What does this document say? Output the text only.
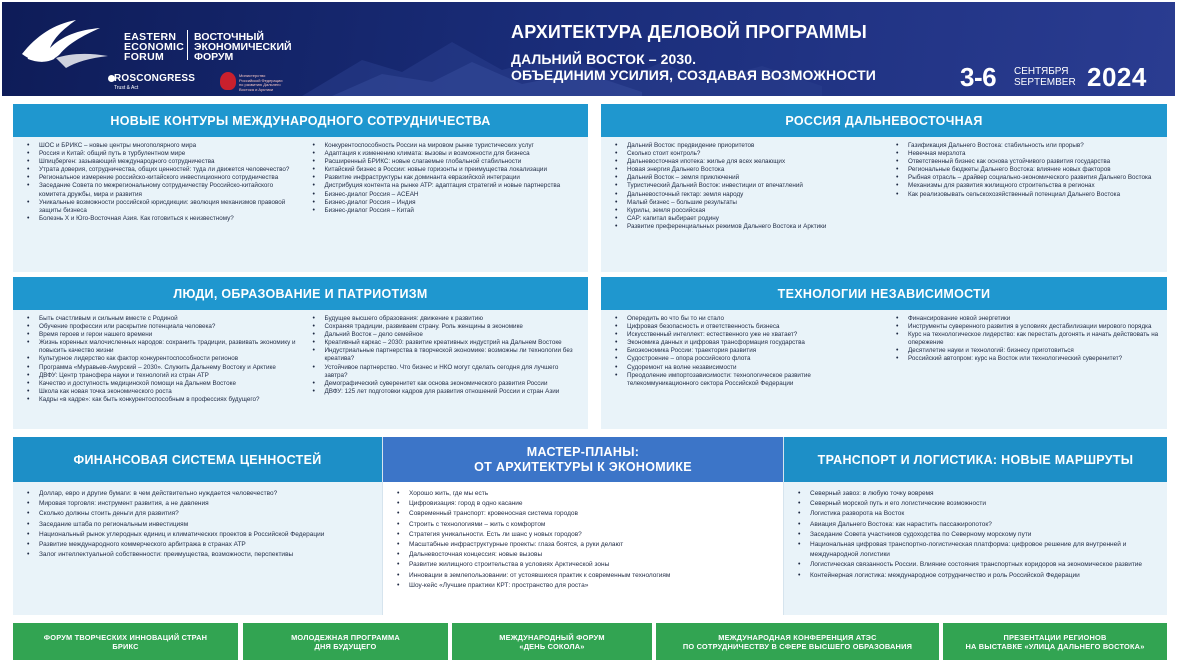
EASTERN
ECONOMIC
FORUM
ВОСТОЧНЫЙ
ЭКОНОМИЧЕСКИЙ
ФОРУМ
ROSCONGRESS
Trust & Act
Министерство Российской Федерации по развитию Дальнего Востока и Арктики
АРХИТЕКТУРА ДЕЛОВОЙ ПРОГРАММЫ
ДАЛЬНИЙ ВОСТОК – 2030.
ОБЪЕДИНИМ УСИЛИЯ, СОЗДАВАЯ ВОЗМОЖНОСТИ	3-6 СЕНТЯБРЯ
SEPTEMBER 2024
НОВЫЕ КОНТУРЫ МЕЖДУНАРОДНОГО СОТРУДНИЧЕСТВА
• ШОС и БРИКС – новые центры многополярного мира
• Россия и Китай: общий путь в турбулентном мире
• Шпицберген: зазывающий международного сотрудничества
• Утрата доверия, сотрудничества, общих ценностей: туда ли движется человечество?
• Региональное измерение российско-китайского инвестиционного сотрудничества
• Заседание Совета по межрегиональному сотрудничеству Российско-китайского комитета дружбы, мира и развития
• Уникальные возможности российской юрисдикции: эволюция механизмов правовой защиты бизнеса
• Болезнь Х и Юго-Восточная Азия. Как готовиться к неизвестному?
• Конкурентоспособность России на мировом рынке туристических услуг
• Адаптация к изменению климата: вызовы и возможности для бизнеса
• Расширенный БРИКС: новые слагаемые глобальной стабильности
• Китайский бизнес в России: новые горизонты и преимущества локализации
• Развитие инфраструктуры как доминанта евразийской интеграции
• Дистрибуция контента на рынке АТР: адаптация стратегий и новые партнерства
• Бизнес-диалог Россия – АСЕАН
• Бизнес-диалог Россия – Индия
• Бизнес-диалог Россия – Китай
РОССИЯ ДАЛЬНЕВОСТОЧНАЯ
• Дальний Восток: предвидение приоритетов
• Сколько стоит контроль?
• Дальневосточная ипотека: жилье для всех желающих
• Новая энергия Дальнего Востока
• Дальний Восток – земля приключений
• Туристический Дальний Восток: инвестиции от впечатлений
• Дальневосточный гектар: земля народу
• Малый бизнес – большие результаты
• Курилы, земля российская
• САР: капитал выбирает родину
• Развитие преференциальных режимов Дальнего Востока и Арктики
• Газификация Дальнего Востока: стабильность или прорыв?
• Невечная мерзлота
• Ответственный бизнес как основа устойчивого развития государства
• Региональные бюджеты Дальнего Востока: влияние новых факторов
• Рыбная отрасль – драйвер социально-экономического развития Дальнего Востока
• Механизмы для развития жилищного строительства в регионах
• Как реализовывать сельскохозяйственный потенциал Дальнего Востока
ЛЮДИ, ОБРАЗОВАНИЕ И ПАТРИОТИЗМ
• Быть счастливым и сильным вместе с Родиной
• Обучение профессии или раскрытие потенциала человека?
• Время героев и герои нашего времени
• Жизнь коренных малочисленных народов: сохранить традиции, развивать экономику и повысить качество жизни
• Культурное лидерство как фактор конкурентоспособности регионов
• Программа «Муравьев-Амурский – 2030». Служить Дальнему Востоку и Арктике
• ДВФУ: Центр трансфера науки и технологий из стран АТР
• Качество и доступность медицинской помощи на Дальнем Востоке
• Школа как новая точка экономического роста
• Кадры «в кадре»: как быть конкурентоспособным в профессиях будущего?
• Будущее высшего образования: движение к развитию
• Сохраняя традиции, развиваем страну. Роль женщины в экономике
• Дальний Восток – дело семейное
• Креативный каркас – 2030: развитие креативных индустрий на Дальнем Востоке
• Индустриальные партнерства в творческой экономике: возможны ли технологии без креатива?
• Устойчивое партнерство. Что бизнес и НКО могут сделать сегодня для лучшего завтра?
• Демографический суверенитет как основа экономического развития России
• ДВФУ: 125 лет подготовки кадров для развития отношений России и стран Азии
ТЕХНОЛОГИИ НЕЗАВИСИМОСТИ
• Опередить во что бы то ни стало
• Цифровая безопасность и ответственность бизнеса
• Искусственный интеллект: естественного уже не хватает?
• Экономика данных и цифровая трансформация государства
• Биоэкономика России: траектория развития
• Судостроение – опора российского флота
• Судоремонт на волне независимости
• Преодоление импортозависимости: технологическое развитие телекоммуникационного сектора Российской Федерации
• Финансирование новой энергетики
• Инструменты суверенного развития в условиях дестабилизации мирового порядка
• Курс на технологическое лидерство: как перестать догонять и начать действовать на опережение
• Десятилетие науки и технологий: бизнесу приготовиться
• Российский автопром: курс на Восток или технологический суверенитет?
ФИНАНСОВАЯ СИСТЕМА ЦЕННОСТЕЙ
• Доллар, евро и другие бумаги: в чем действительно нуждается человечество?
• Мировая торговля: инструмент развития, а не давления
• Сколько должны стоить деньги для развития?
• Заседание штаба по региональным инвестициям
• Национальный рынок углеродных единиц и климатических проектов в Российской Федерации
• Развитие международного коммерческого арбитража в странах АТР
• Залог интеллектуальной собственности: преимущества, возможности, перспективы
МАСТЕР-ПЛАНЫ:
ОТ АРХИТЕКТУРЫ К ЭКОНОМИКЕ
• Хорошо жить, где мы есть
• Цифровизация: город в одно касание
• Современный транспорт: кровеносная система городов
• Строить с технологиями – жить с комфортом
• Стратегия уникальности. Есть ли шанс у новых городов?
• Масштабные инфраструктурные проекты: глаза боятся, а руки делают
• Дальневосточная концессия: новые вызовы
• Развитие жилищного строительства в условиях Арктической зоны
• Инновации в землепользовании: от устоявшихся практик к современным технологиям
• Шоу-кейс «Лучшие практики КРТ: пространство для роста»
ТРАНСПОРТ И ЛОГИСТИКА: НОВЫЕ МАРШРУТЫ
• Северный завоз: в любую точку вовремя
• Северный морской путь и его логистические возможности
• Логистика разворота на Восток
• Авиация Дальнего Востока: как нарастить пассажиропоток?
• Заседание Совета участников судоходства по Северному морскому пути
• Национальная цифровая транспортно-логистическая платформа: цифровое решение для внутренней и международной логистики
• Логистическая связанность России. Влияние состояния транспортных коридоров на экономическое развитие
• Контейнерная логистика: международное сотрудничество и роль Российской Федерации
ФОРУМ ТВОРЧЕСКИХ ИННОВАЦИЙ СТРАН
БРИКС
МОЛОДЕЖНАЯ ПРОГРАММА
ДНЯ БУДУЩЕГО
МЕЖДУНАРОДНЫЙ ФОРУМ
«ДЕНЬ СОКОЛА»
МЕЖДУНАРОДНАЯ КОНФЕРЕНЦИЯ АТЭС
ПО СОТРУДНИЧЕСТВУ В СФЕРЕ ВЫСШЕГО ОБРАЗОВАНИЯ
ПРЕЗЕНТАЦИИ РЕГИОНОВ
НА ВЫСТАВКЕ «УЛИЦА ДАЛЬНЕГО ВОСТОКА»
